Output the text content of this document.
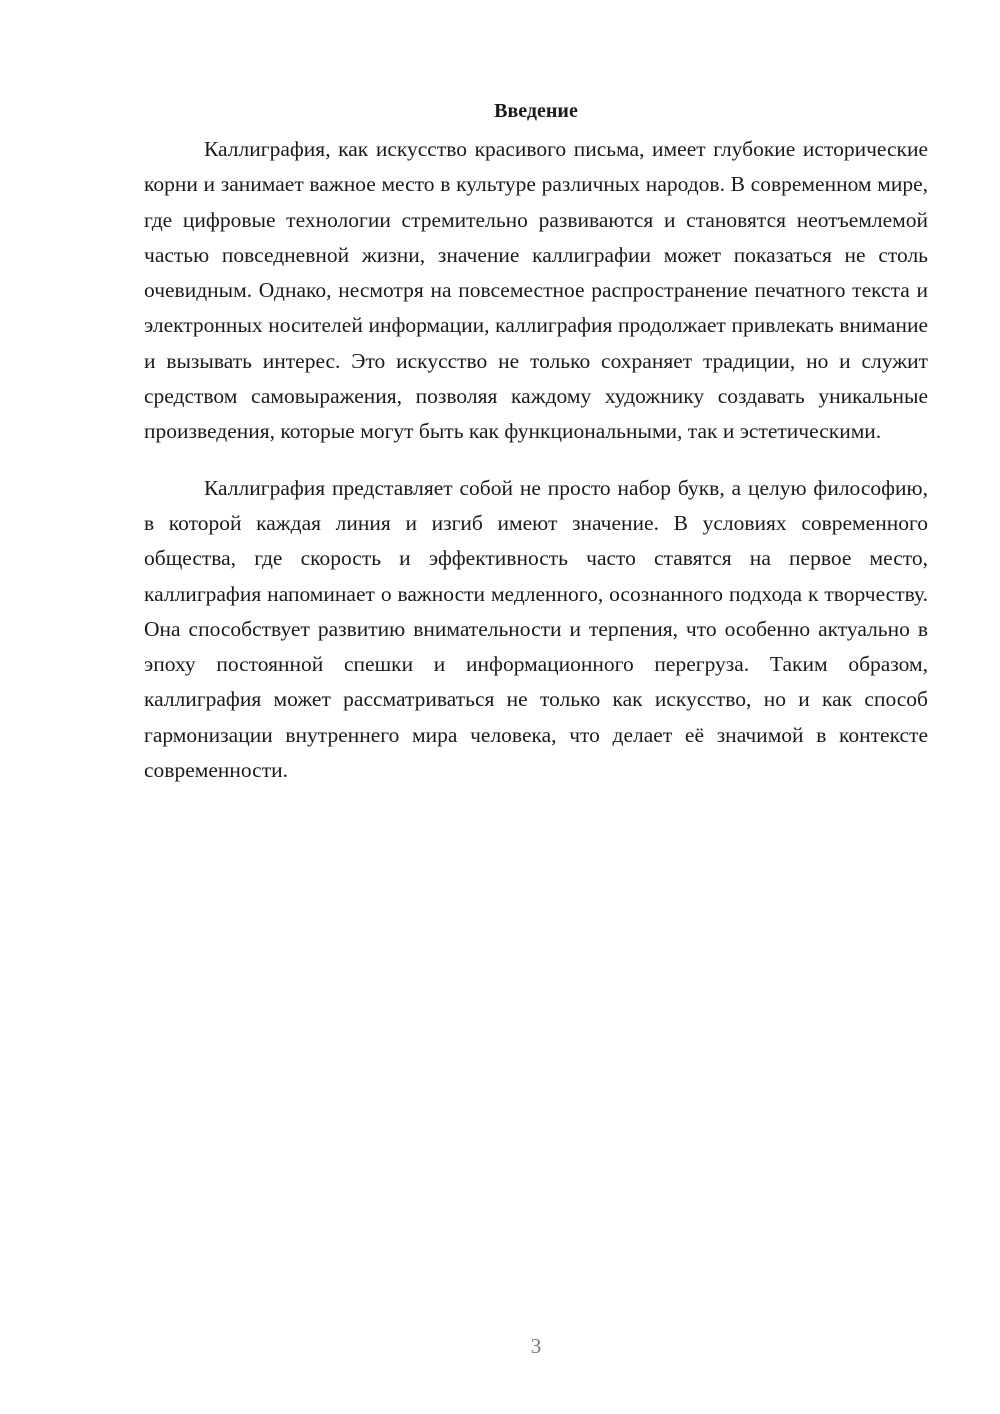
Введение

Каллиграфия, как искусство красивого письма, имеет глубокие исторические корни и занимает важное место в культуре различных народов. В современном мире, где цифровые технологии стремительно развиваются и становятся неотъемлемой частью повседневной жизни, значение каллиграфии может показаться не столь очевидным. Однако, несмотря на повсеместное распространение печатного текста и электронных носителей информации, каллиграфия продолжает привлекать внимание и вызывать интерес. Это искусство не только сохраняет традиции, но и служит средством самовыражения, позволяя каждому художнику создавать уникальные произведения, которые могут быть как функциональными, так и эстетическими.

Каллиграфия представляет собой не просто набор букв, а целую философию, в которой каждая линия и изгиб имеют значение. В условиях современного общества, где скорость и эффективность часто ставятся на первое место, каллиграфия напоминает о важности медленного, осознанного подхода к творчеству. Она способствует развитию внимательности и терпения, что особенно актуально в эпоху постоянной спешки и информационного перегруза. Таким образом, каллиграфия может рассматриваться не только как искусство, но и как способ гармонизации внутреннего мира человека, что делает её значимой в контексте современности.

3
